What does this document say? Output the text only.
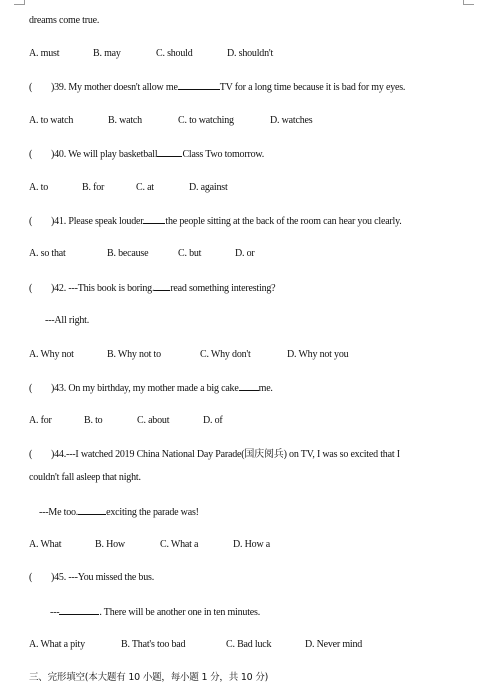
dreams come true.
A. must	B. may	C. should	D. shouldn't
( )39. My mother doesn't allow me	TV for a long time because it is bad for my eyes.
A. to watch	B. watch	C. to watching	D. watches
( )40. We will play basketball	Class Two tomorrow.
A. to	B. for	C. at	D. against
( )41. Please speak louder the people sitting at the back of the room can hear you clearly.
A. so that	B. because	C. but	D. or
( )42. ---This book is boring. read something interesting?
---All right.
A. Why not	B. Why not to	C. Why don't	D. Why not you
( )43. On my birthday, my mother made a big cake me.
A. for	B. to	C. about	D. of
( )44.---I watched 2019 China National Day Parade(国庆阅兵) on TV, I was so excited that I
couldn't fall asleep that night.
---Me too.	exciting the parade was!
A. What	B. How	C. What a	D. How a
( )45. ---You missed the bus.
---	. There will be another one in ten minutes.
A. What a pity	B. That's too bad	C. Bad luck	D. Never mind
三、完形填空(本大题有 10 小题，每小题 1 分，共 10 分)
